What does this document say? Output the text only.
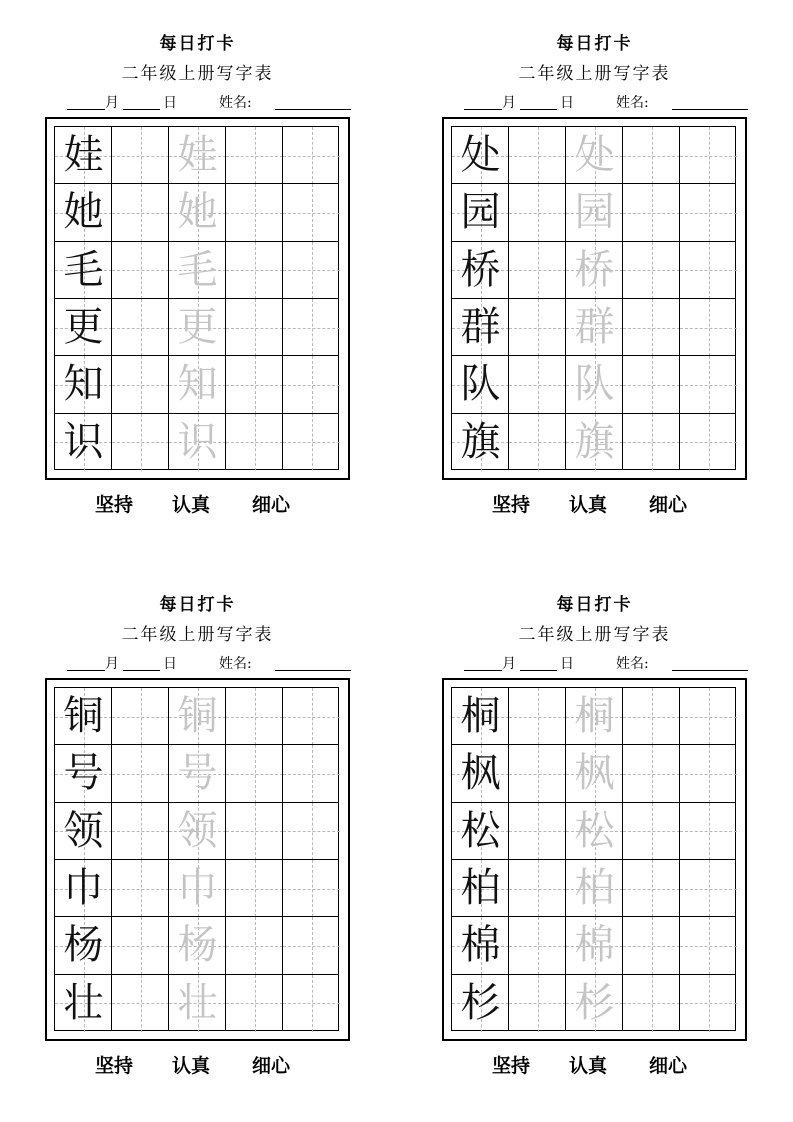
每日打卡
二年级上册写字表
月	日	姓名:
娃 娃
她 她
毛 毛
更 更
知 知
识 识
坚持 认真 细心
每日打卡
二年级上册写字表
月	日	姓名:
处 处
园 园
桥 桥
群 群
队 队
旗 旗
坚持 认真 细心
每日打卡
二年级上册写字表
月	日	姓名:
铜 铜
号 号
领 领
巾 巾
杨 杨
壮 壮
坚持 认真 细心
每日打卡
二年级上册写字表
月	日	姓名:
桐 桐
枫 枫
松 松
柏 柏
棉 棉
杉 杉
坚持 认真 细心
